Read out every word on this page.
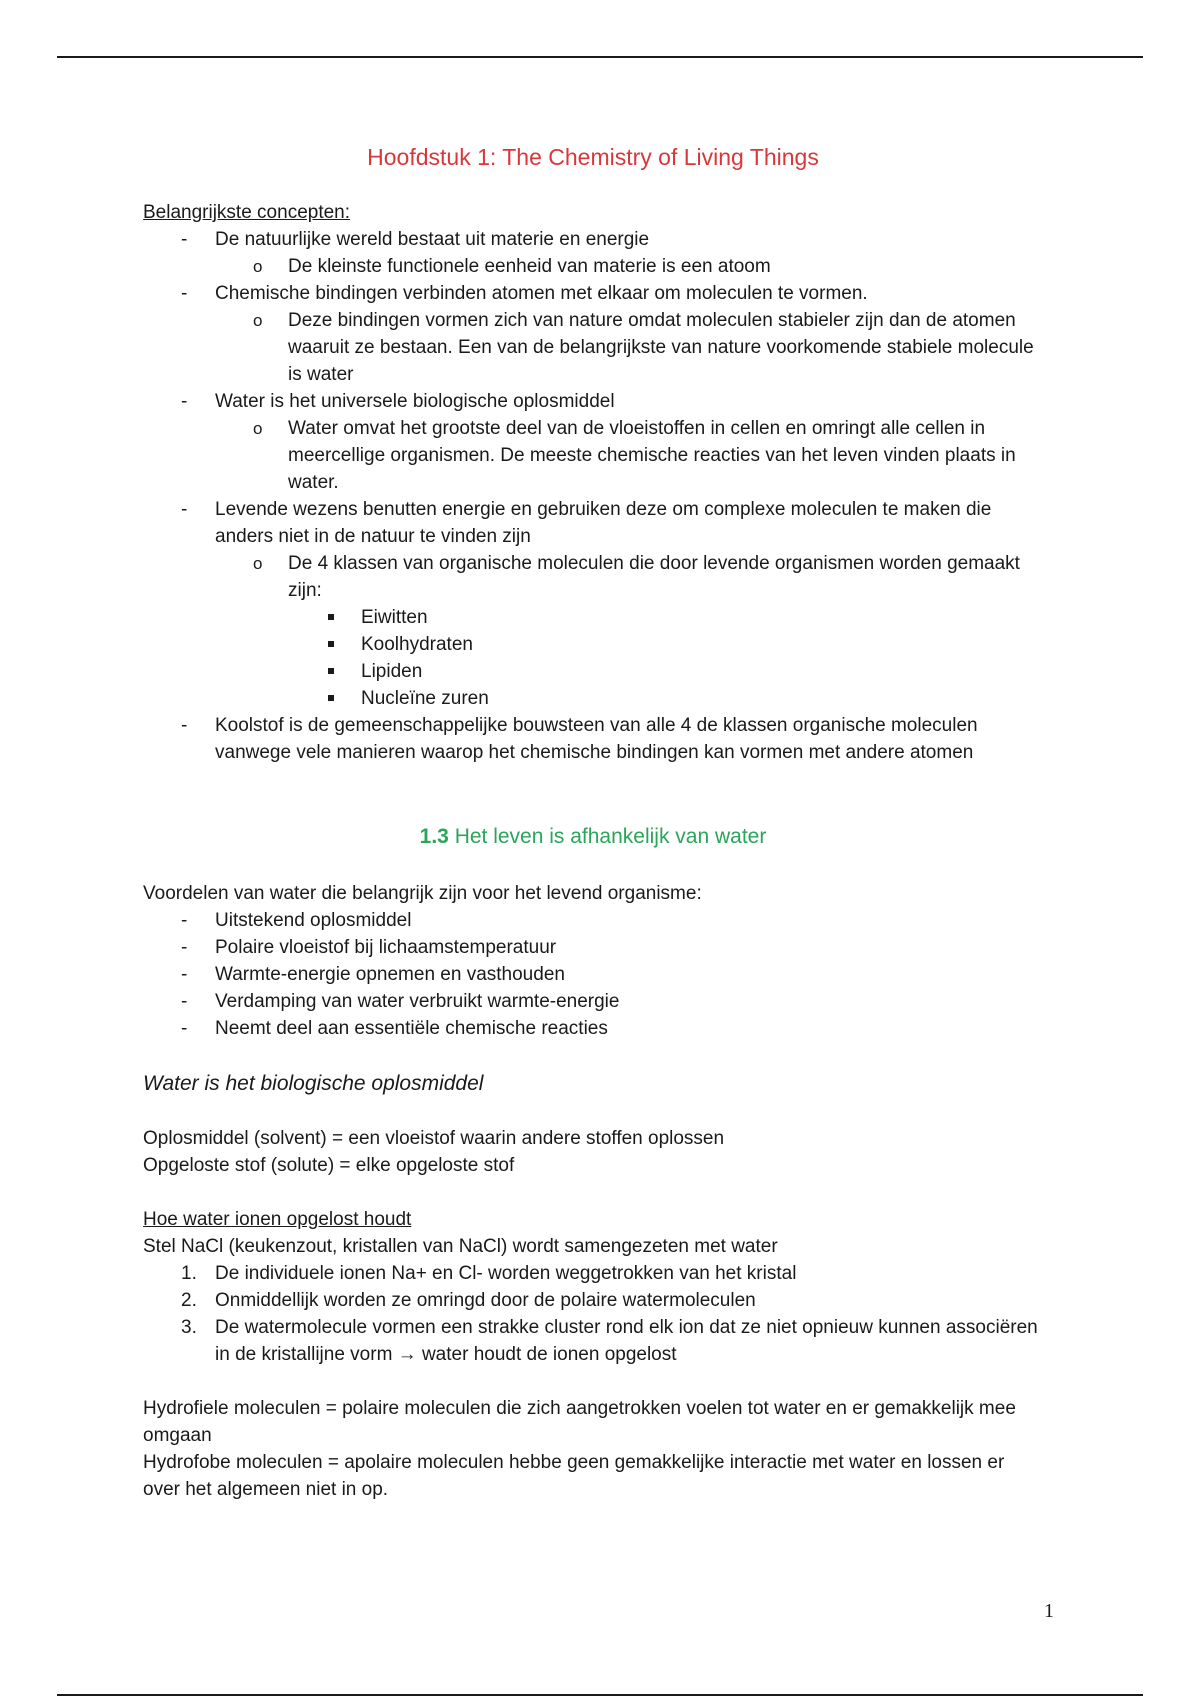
Hoofdstuk 1: The Chemistry of Living Things

Belangrijkste concepten:

- De natuurlijke wereld bestaat uit materie en energie
o De kleinste functionele eenheid van materie is een atoom
- Chemische bindingen verbinden atomen met elkaar om moleculen te vormen.
o Deze bindingen vormen zich van nature omdat moleculen stabieler zijn dan de atomen waaruit ze bestaan. Een van de belangrijkste van nature voorkomende stabiele molecule is water
- Water is het universele biologische oplosmiddel
o Water omvat het grootste deel van de vloeistoffen in cellen en omringt alle cellen in meercellige organismen. De meeste chemische reacties van het leven vinden plaats in water.
- Levende wezens benutten energie en gebruiken deze om complexe moleculen te maken die anders niet in de natuur te vinden zijn
o De 4 klassen van organische moleculen die door levende organismen worden gemaakt zijn:
Eiwitten
Koolhydraten
Lipiden
Nucleïne zuren
- Koolstof is de gemeenschappelijke bouwsteen van alle 4 de klassen organische moleculen vanwege vele manieren waarop het chemische bindingen kan vormen met andere atomen
1.3 Het leven is afhankelijk van water

Voordelen van water die belangrijk zijn voor het levend organisme:

- Uitstekend oplosmiddel
- Polaire vloeistof bij lichaamstemperatuur
- Warmte-energie opnemen en vasthouden
- Verdamping van water verbruikt warmte-energie
- Neemt deel aan essentiële chemische reacties

Water is het biologische oplosmiddel

Oplosmiddel (solvent) = een vloeistof waarin andere stoffen oplossen

Opgeloste stof (solute) = elke opgeloste stof

Hoe water ionen opgelost houdt

Stel NaCl (keukenzout, kristallen van NaCl) wordt samengezeten met water

1. De individuele ionen Na+ en Cl- worden weggetrokken van het kristal
2. Onmiddellijk worden ze omringd door de polaire watermoleculen
3. De watermolecule vormen een strakke cluster rond elk ion dat ze niet opnieuw kunnen associëren in de kristallijne vorm → water houdt de ionen opgelost

Hydrofiele moleculen = polaire moleculen die zich aangetrokken voelen tot water en er gemakkelijk mee omgaan

Hydrofobe moleculen = apolaire moleculen hebbe geen gemakkelijke interactie met water en lossen er over het algemeen niet in op.

1
